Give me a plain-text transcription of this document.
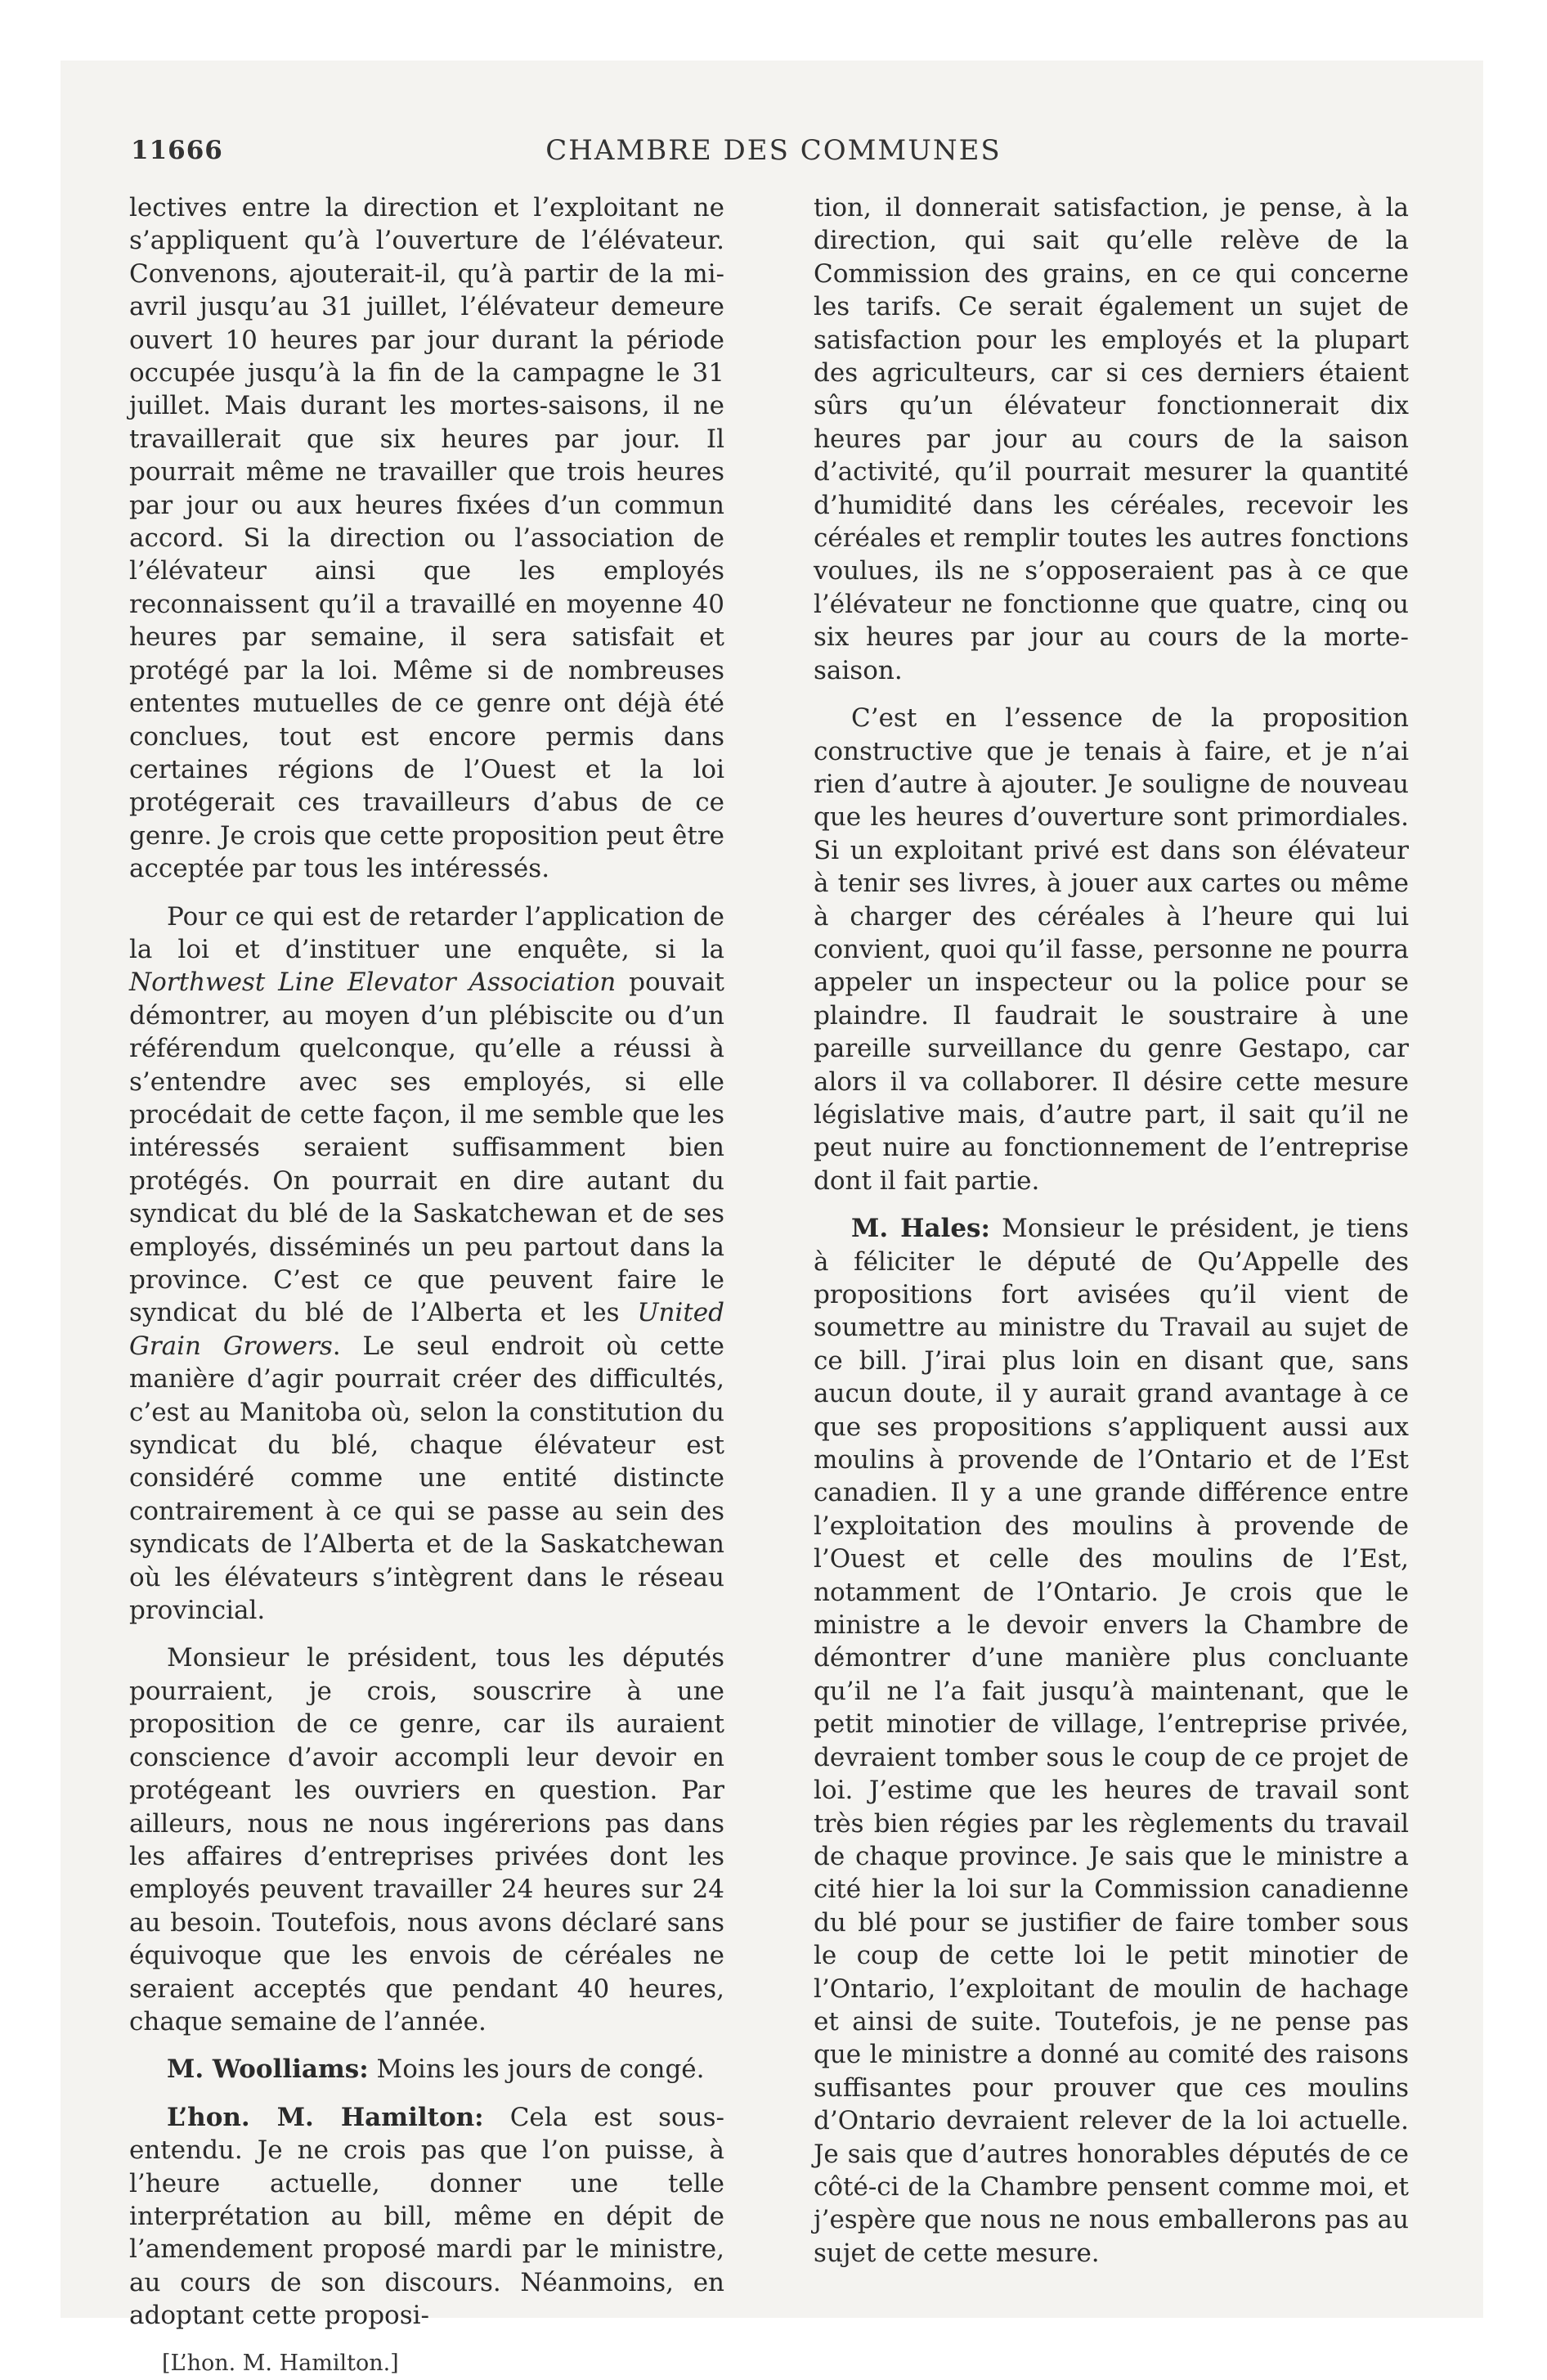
11666	CHAMBRE DES COMMUNES

lectives entre la direction et l’exploitant ne s’appliquent qu’à l’ouverture de l’élévateur. Convenons, ajouterait-il, qu’à partir de la mi-avril jusqu’au 31 juillet, l’élévateur demeure ouvert 10 heures par jour durant la période occupée jusqu’à la fin de la campagne le 31 juillet. Mais durant les mortes-saisons, il ne travaillerait que six heures par jour. Il pourrait même ne travailler que trois heures par jour ou aux heures fixées d’un commun accord. Si la direction ou l’association de l’élévateur ainsi que les employés reconnaissent qu’il a travaillé en moyenne 40 heures par semaine, il sera satisfait et protégé par la loi. Même si de nombreuses ententes mutuelles de ce genre ont déjà été conclues, tout est encore permis dans certaines régions de l’Ouest et la loi protégerait ces travailleurs d’abus de ce genre. Je crois que cette proposition peut être acceptée par tous les intéressés.

Pour ce qui est de retarder l’application de la loi et d’instituer une enquête, si la Northwest Line Elevator Association pouvait démontrer, au moyen d’un plébiscite ou d’un référendum quelconque, qu’elle a réussi à s’entendre avec ses employés, si elle procédait de cette façon, il me semble que les intéressés seraient suffisamment bien protégés. On pourrait en dire autant du syndicat du blé de la Saskatchewan et de ses employés, disséminés un peu partout dans la province. C’est ce que peuvent faire le syndicat du blé de l’Alberta et les United Grain Growers. Le seul endroit où cette manière d’agir pourrait créer des difficultés, c’est au Manitoba où, selon la constitution du syndicat du blé, chaque élévateur est considéré comme une entité distincte contrairement à ce qui se passe au sein des syndicats de l’Alberta et de la Saskatchewan où les élévateurs s’intègrent dans le réseau provincial.

Monsieur le président, tous les députés pourraient, je crois, souscrire à une proposition de ce genre, car ils auraient conscience d’avoir accompli leur devoir en protégeant les ouvriers en question. Par ailleurs, nous ne nous ingérerions pas dans les affaires d’entreprises privées dont les employés peuvent travailler 24 heures sur 24 au besoin. Toutefois, nous avons déclaré sans équivoque que les envois de céréales ne seraient acceptés que pendant 40 heures, chaque semaine de l’année.

M. Woolliams: Moins les jours de congé.

L’hon. M. Hamilton: Cela est sous-entendu. Je ne crois pas que l’on puisse, à l’heure actuelle, donner une telle interprétation au bill, même en dépit de l’amendement proposé mardi par le ministre, au cours de son discours. Néanmoins, en adoptant cette proposi-

[L’hon. M. Hamilton.]

tion, il donnerait satisfaction, je pense, à la direction, qui sait qu’elle relève de la Commission des grains, en ce qui concerne les tarifs. Ce serait également un sujet de satisfaction pour les employés et la plupart des agriculteurs, car si ces derniers étaient sûrs qu’un élévateur fonctionnerait dix heures par jour au cours de la saison d’activité, qu’il pourrait mesurer la quantité d’humidité dans les céréales, recevoir les céréales et remplir toutes les autres fonctions voulues, ils ne s’opposeraient pas à ce que l’élévateur ne fonctionne que quatre, cinq ou six heures par jour au cours de la morte-saison.

C’est en l’essence de la proposition constructive que je tenais à faire, et je n’ai rien d’autre à ajouter. Je souligne de nouveau que les heures d’ouverture sont primordiales. Si un exploitant privé est dans son élévateur à tenir ses livres, à jouer aux cartes ou même à charger des céréales à l’heure qui lui convient, quoi qu’il fasse, personne ne pourra appeler un inspecteur ou la police pour se plaindre. Il faudrait le soustraire à une pareille surveillance du genre Gestapo, car alors il va collaborer. Il désire cette mesure législative mais, d’autre part, il sait qu’il ne peut nuire au fonctionnement de l’entreprise dont il fait partie.

M. Hales: Monsieur le président, je tiens à féliciter le député de Qu’Appelle des propositions fort avisées qu’il vient de soumettre au ministre du Travail au sujet de ce bill. J’irai plus loin en disant que, sans aucun doute, il y aurait grand avantage à ce que ses propositions s’appliquent aussi aux moulins à provende de l’Ontario et de l’Est canadien. Il y a une grande différence entre l’exploitation des moulins à provende de l’Ouest et celle des moulins de l’Est, notamment de l’Ontario. Je crois que le ministre a le devoir envers la Chambre de démontrer d’une manière plus concluante qu’il ne l’a fait jusqu’à maintenant, que le petit minotier de village, l’entreprise privée, devraient tomber sous le coup de ce projet de loi. J’estime que les heures de travail sont très bien régies par les règlements du travail de chaque province. Je sais que le ministre a cité hier la loi sur la Commission canadienne du blé pour se justifier de faire tomber sous le coup de cette loi le petit minotier de l’Ontario, l’exploitant de moulin de hachage et ainsi de suite. Toutefois, je ne pense pas que le ministre a donné au comité des raisons suffisantes pour prouver que ces moulins d’Ontario devraient relever de la loi actuelle. Je sais que d’autres honorables députés de ce côté-ci de la Chambre pensent comme moi, et j’espère que nous ne nous emballerons pas au sujet de cette mesure.
